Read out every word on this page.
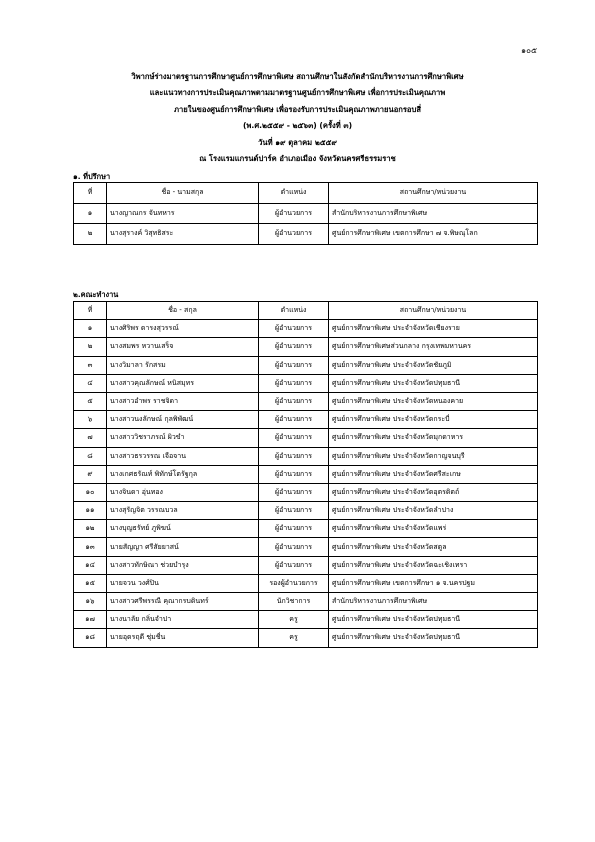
๑๐๕
วิพากษ์ร่างมาตรฐานการศึกษาศูนย์การศึกษาพิเศษ สถานศึกษาในสังกัดสำนักบริหารงานการศึกษาพิเศษ
และแนวทางการประเมินคุณภาพตามมาตรฐานศูนย์การศึกษาพิเศษ เพื่อการประเมินคุณภาพ
ภายในของศูนย์การศึกษาพิเศษ เพื่อรองรับการประเมินคุณภาพภายนอกรอบสี่
(พ.ศ.๒๕๕๙ - ๒๕๖๓) (ครั้งที่ ๓)
วันที่ ๑๙ ตุลาคม ๒๕๕๙
ณ โรงแรมแกรนด์ปาร์ค อำเภอเมือง จังหวัดนครศรีธรรมราช
๑. ที่ปรึกษา
ที่	ชื่อ - นามสกุล	ตำแหน่ง	สถานศึกษา/หน่วยงาน
๑	นางญาณกร จันทหาร	ผู้อำนวยการ	สำนักบริหารงานการศึกษาพิเศษ
๒	นางสุรางค์ วิสุทธิสระ	ผู้อำนวยการ	ศูนย์การศึกษาพิเศษ เขตการศึกษา ๗ จ.พิษณุโลก
๒.คณะทำงาน
ที่	ชื่อ - สกุล	ตำแหน่ง	สถานศึกษา/หน่วยงาน
๑	นางศิริพร ดารงสุวรรณ์	ผู้อำนวยการ	ศูนย์การศึกษาพิเศษ ประจำจังหวัดเชียงราย
๒	นางสมพร หวานเสร็จ	ผู้อำนวยการ	ศูนย์การศึกษาพิเศษส่วนกลาง กรุงเทพมหานคร
๓	นางวิมาลา รักสรม	ผู้อำนวยการ	ศูนย์การศึกษาพิเศษ ประจำจังหวัดชัยภูมิ
๔	นางสาวคุณลักษณ์ หนิสมุทร	ผู้อำนวยการ	ศูนย์การศึกษาพิเศษ ประจำจังหวัดปทุมธานี
๕	นางสาวอำพร ราชจิดา	ผู้อำนวยการ	ศูนย์การศึกษาพิเศษ ประจำจังหวัดหนองคาย
๖	นางสาวนงลักษณ์ กุลพิพัฒน์	ผู้อำนวยการ	ศูนย์การศึกษาพิเศษ ประจำจังหวัดกระบี่
๗	นางสาววิชราภรณ์ ผิวขำ	ผู้อำนวยการ	ศูนย์การศึกษาพิเศษ ประจำจังหวัดมุกดาหาร
๘	นางสาวธรวรรณ เจือจาน	ผู้อำนวยการ	ศูนย์การศึกษาพิเศษ ประจำจังหวัดกาญจนบุรี
๙	นางเกศธรัณท์ พิทักษ์โตรัฐกุล	ผู้อำนวยการ	ศูนย์การศึกษาพิเศษ ประจำจังหวัดศรีสะเกษ
๑๐	นางจินดา อุ่นทอง	ผู้อำนวยการ	ศูนย์การศึกษาพิเศษ ประจำจังหวัดอุตรดิตถ์
๑๑	นางสุรัญจิต วรรณบวล	ผู้อำนวยการ	ศูนย์การศึกษาพิเศษ ประจำจังหวัดลำปาง
๑๒	นางบุญธรัทย์ ภูพิฆน์	ผู้อำนวยการ	ศูนย์การศึกษาพิเศษ ประจำจังหวัดแพร่
๑๓	นายสัญญา ศรีสัยยาสน์	ผู้อำนวยการ	ศูนย์การศึกษาพิเศษ ประจำจังหวัดสตูล
๑๔	นางสาวทักษิณา ช่วยบำรุง	ผู้อำนวยการ	ศูนย์การศึกษาพิเศษ ประจำจังหวัดฉะเชิงเทรา
๑๕	นายจวน วงศ์ปิน	รองผู้อำนวยการ	ศูนย์การศึกษาพิเศษ เขตการศึกษา ๑ จ.นครปฐม
๑๖	นางสาวศรีพรรณี คุณากรบดินทร์	นักวิชาการ	สำนักบริหารงานการศึกษาพิเศษ
๑๗	นางนาลัย กลิ่นจำปา	ครู	ศูนย์การศึกษาพิเศษ ประจำจังหวัดปทุมธานี
๑๘	นายอุดรฤดี ชุ่มชื่น	ครู	ศูนย์การศึกษาพิเศษ ประจำจังหวัดปทุมธานี
